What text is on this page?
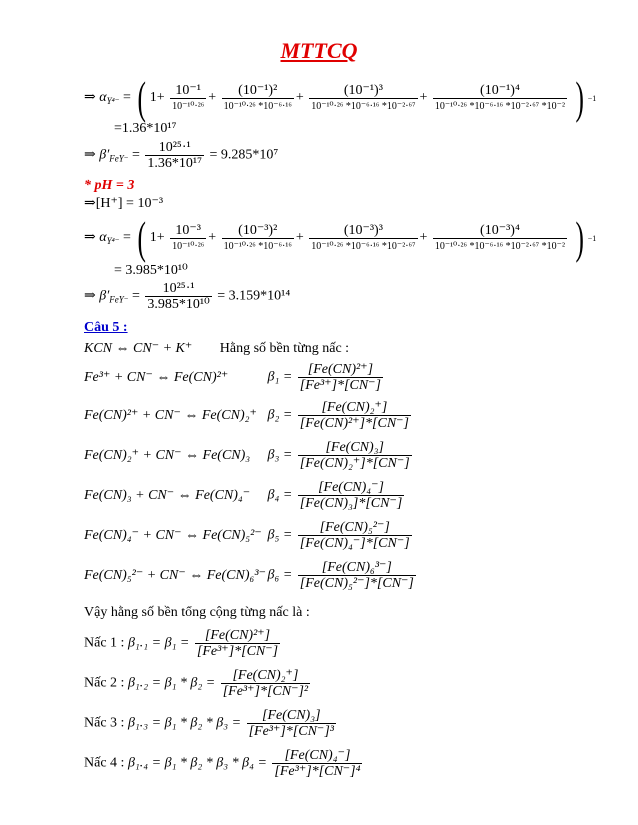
MTTCQ
⇒ $\alpha_{Y^{4-}}$ = ( $1+ \frac{\text{10⁻¹}}{\text{10⁻¹⁰·²⁶}} + \frac{\text{(10⁻¹)²}}{\text{10⁻¹⁰·²⁶ *10⁻⁶·¹⁶}} + \frac{\text{(10⁻¹)³}}{\text{10⁻¹⁰·²⁶ *10⁻⁶·¹⁶ *10⁻²·⁶⁷}} + \frac{\text{(10⁻¹)⁴}}{\text{10⁻¹⁰·²⁶ *10⁻⁶·¹⁶ *10⁻²·⁶⁷ *10⁻²}}$ ) −1
=1.36*10¹⁷
⇒ $\beta'_{FeY^-} = \frac{\text{10²⁵·¹}}{\text{1.36*10¹⁷}} = 9.285*10^7$
* pH = 3
⇒[H⁺] = 10⁻³
⇒ $\alpha_{Y^{4-}}$ = ( $1+ \frac{\text{10⁻³}}{\text{10⁻¹⁰·²⁶}} + \frac{\text{(10⁻³)²}}{\text{10⁻¹⁰·²⁶ *10⁻⁶·¹⁶}} + \frac{\text{(10⁻³)³}}{\text{10⁻¹⁰·²⁶ *10⁻⁶·¹⁶ *10⁻²·⁶⁷}} + \frac{\text{(10⁻³)⁴}}{\text{10⁻¹⁰·²⁶ *10⁻⁶·¹⁶ *10⁻²·⁶⁷ *10⁻²}}$ ) −1
= 3.985*10¹⁰
⇒ $\beta'_{FeY^-} = \frac{\text{10²⁵·¹}}{\text{3.985*10¹⁰}} = 3.159*10^{14}$
Câu 5 :
KCN ⇔ CN⁻ + K⁺ Hằng số bền từng nấc :
Fe³⁺ + CN⁻ ⇔ Fe(CN)²⁺	$\beta_1 = \frac{\text{[Fe(CN)²⁺]}}{\text{[Fe³⁺]*[CN⁻]}}$
Fe(CN)²⁺ + CN⁻ ⇔ Fe(CN)₂⁺ $\beta_2 = \frac{\text{[Fe(CN)₂⁺]}}{\text{[Fe(CN)²⁺]*[CN⁻]}}$
Fe(CN)₂⁺ + CN⁻ ⇔ Fe(CN)₃ $\beta_3 = \frac{\text{[Fe(CN)₃]}}{\text{[Fe(CN)₂⁺]*[CN⁻]}}$
Fe(CN)₃ + CN⁻ ⇔ Fe(CN)₄⁻ $\beta_4 = \frac{\text{[Fe(CN)₄⁻]}}{\text{[Fe(CN)₃]*[CN⁻]}}$
Fe(CN)₄⁻ + CN⁻ ⇔ Fe(CN)₅²⁻ $\beta_5 = \frac{\text{[Fe(CN)₅²⁻]}}{\text{[Fe(CN)₄⁻]*[CN⁻]}}$
Fe(CN)₅²⁻ + CN⁻ ⇔ Fe(CN)₆³⁻ $\beta_6 = \frac{\text{[Fe(CN)₆³⁻]}}{\text{[Fe(CN)₅²⁻]*[CN⁻]}}$
Vậy hằng số bền tổng cộng từng nấc là :
Nấc 1 : $\beta_1._1 = \beta_1 = \frac{\text{[Fe(CN)²⁺]}}{\text{[Fe³⁺]*[CN⁻]}}$
Nấc 2 : $\beta_1._2 = \beta_1 * \beta_2 = \frac{\text{[Fe(CN)₂⁺]}}{\text{[Fe³⁺]*[CN⁻]²}}$
Nấc 3 : $\beta_1._3 = \beta_1 * \beta_2 * \beta_3 = \frac{\text{[Fe(CN)₃]}}{\text{[Fe³⁺]*[CN⁻]³}}$
Nấc 4 : $\beta_1._4 = \beta_1 * \beta_2 * \beta_3 * \beta_4 = \frac{\text{[Fe(CN)₄⁻]}}{\text{[Fe³⁺]*[CN⁻]⁴}}$
